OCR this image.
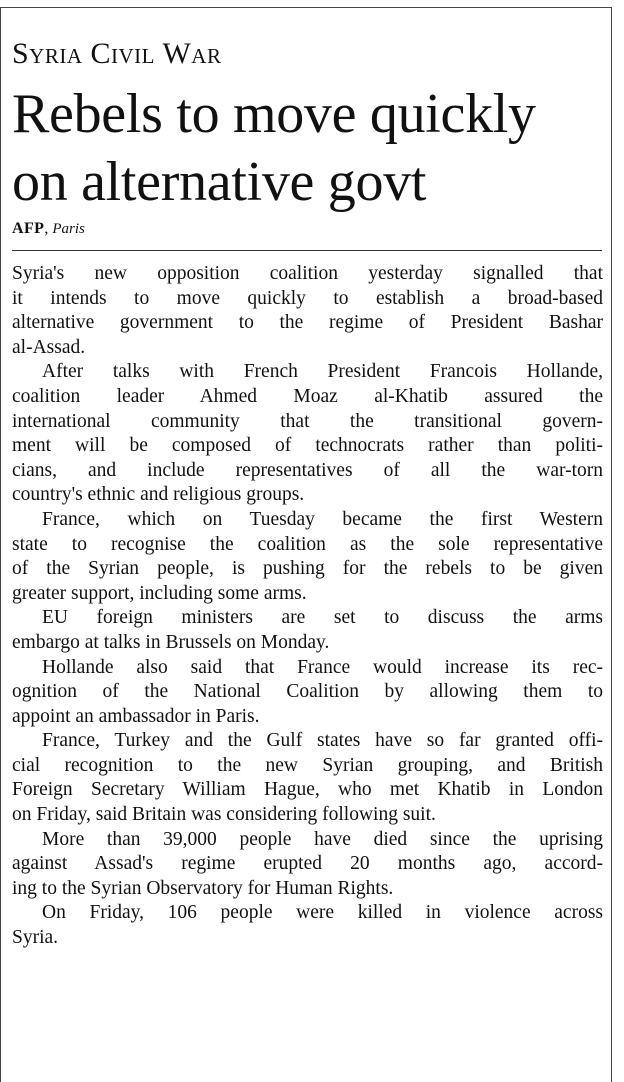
Syria Civil War
Rebels to move quickly
on alternative govt
AFP, Paris

Syria's new opposition coalition yesterday signalled that
it intends to move quickly to establish a broad-based
alternative government to the regime of President Bashar
al-Assad.

After talks with French President Francois Hollande,
coalition leader Ahmed Moaz al-Khatib assured the
international community that the transitional govern-
ment will be composed of technocrats rather than politi-
cians, and include representatives of all the war-torn
country's ethnic and religious groups.

France, which on Tuesday became the first Western
state to recognise the coalition as the sole representative
of the Syrian people, is pushing for the rebels to be given
greater support, including some arms.

EU foreign ministers are set to discuss the arms
embargo at talks in Brussels on Monday.

Hollande also said that France would increase its rec-
ognition of the National Coalition by allowing them to
appoint an ambassador in Paris.

France, Turkey and the Gulf states have so far granted offi-
cial recognition to the new Syrian grouping, and British
Foreign Secretary William Hague, who met Khatib in London
on Friday, said Britain was considering following suit.

More than 39,000 people have died since the uprising
against Assad's regime erupted 20 months ago, accord-
ing to the Syrian Observatory for Human Rights.

On Friday, 106 people were killed in violence across
Syria.
